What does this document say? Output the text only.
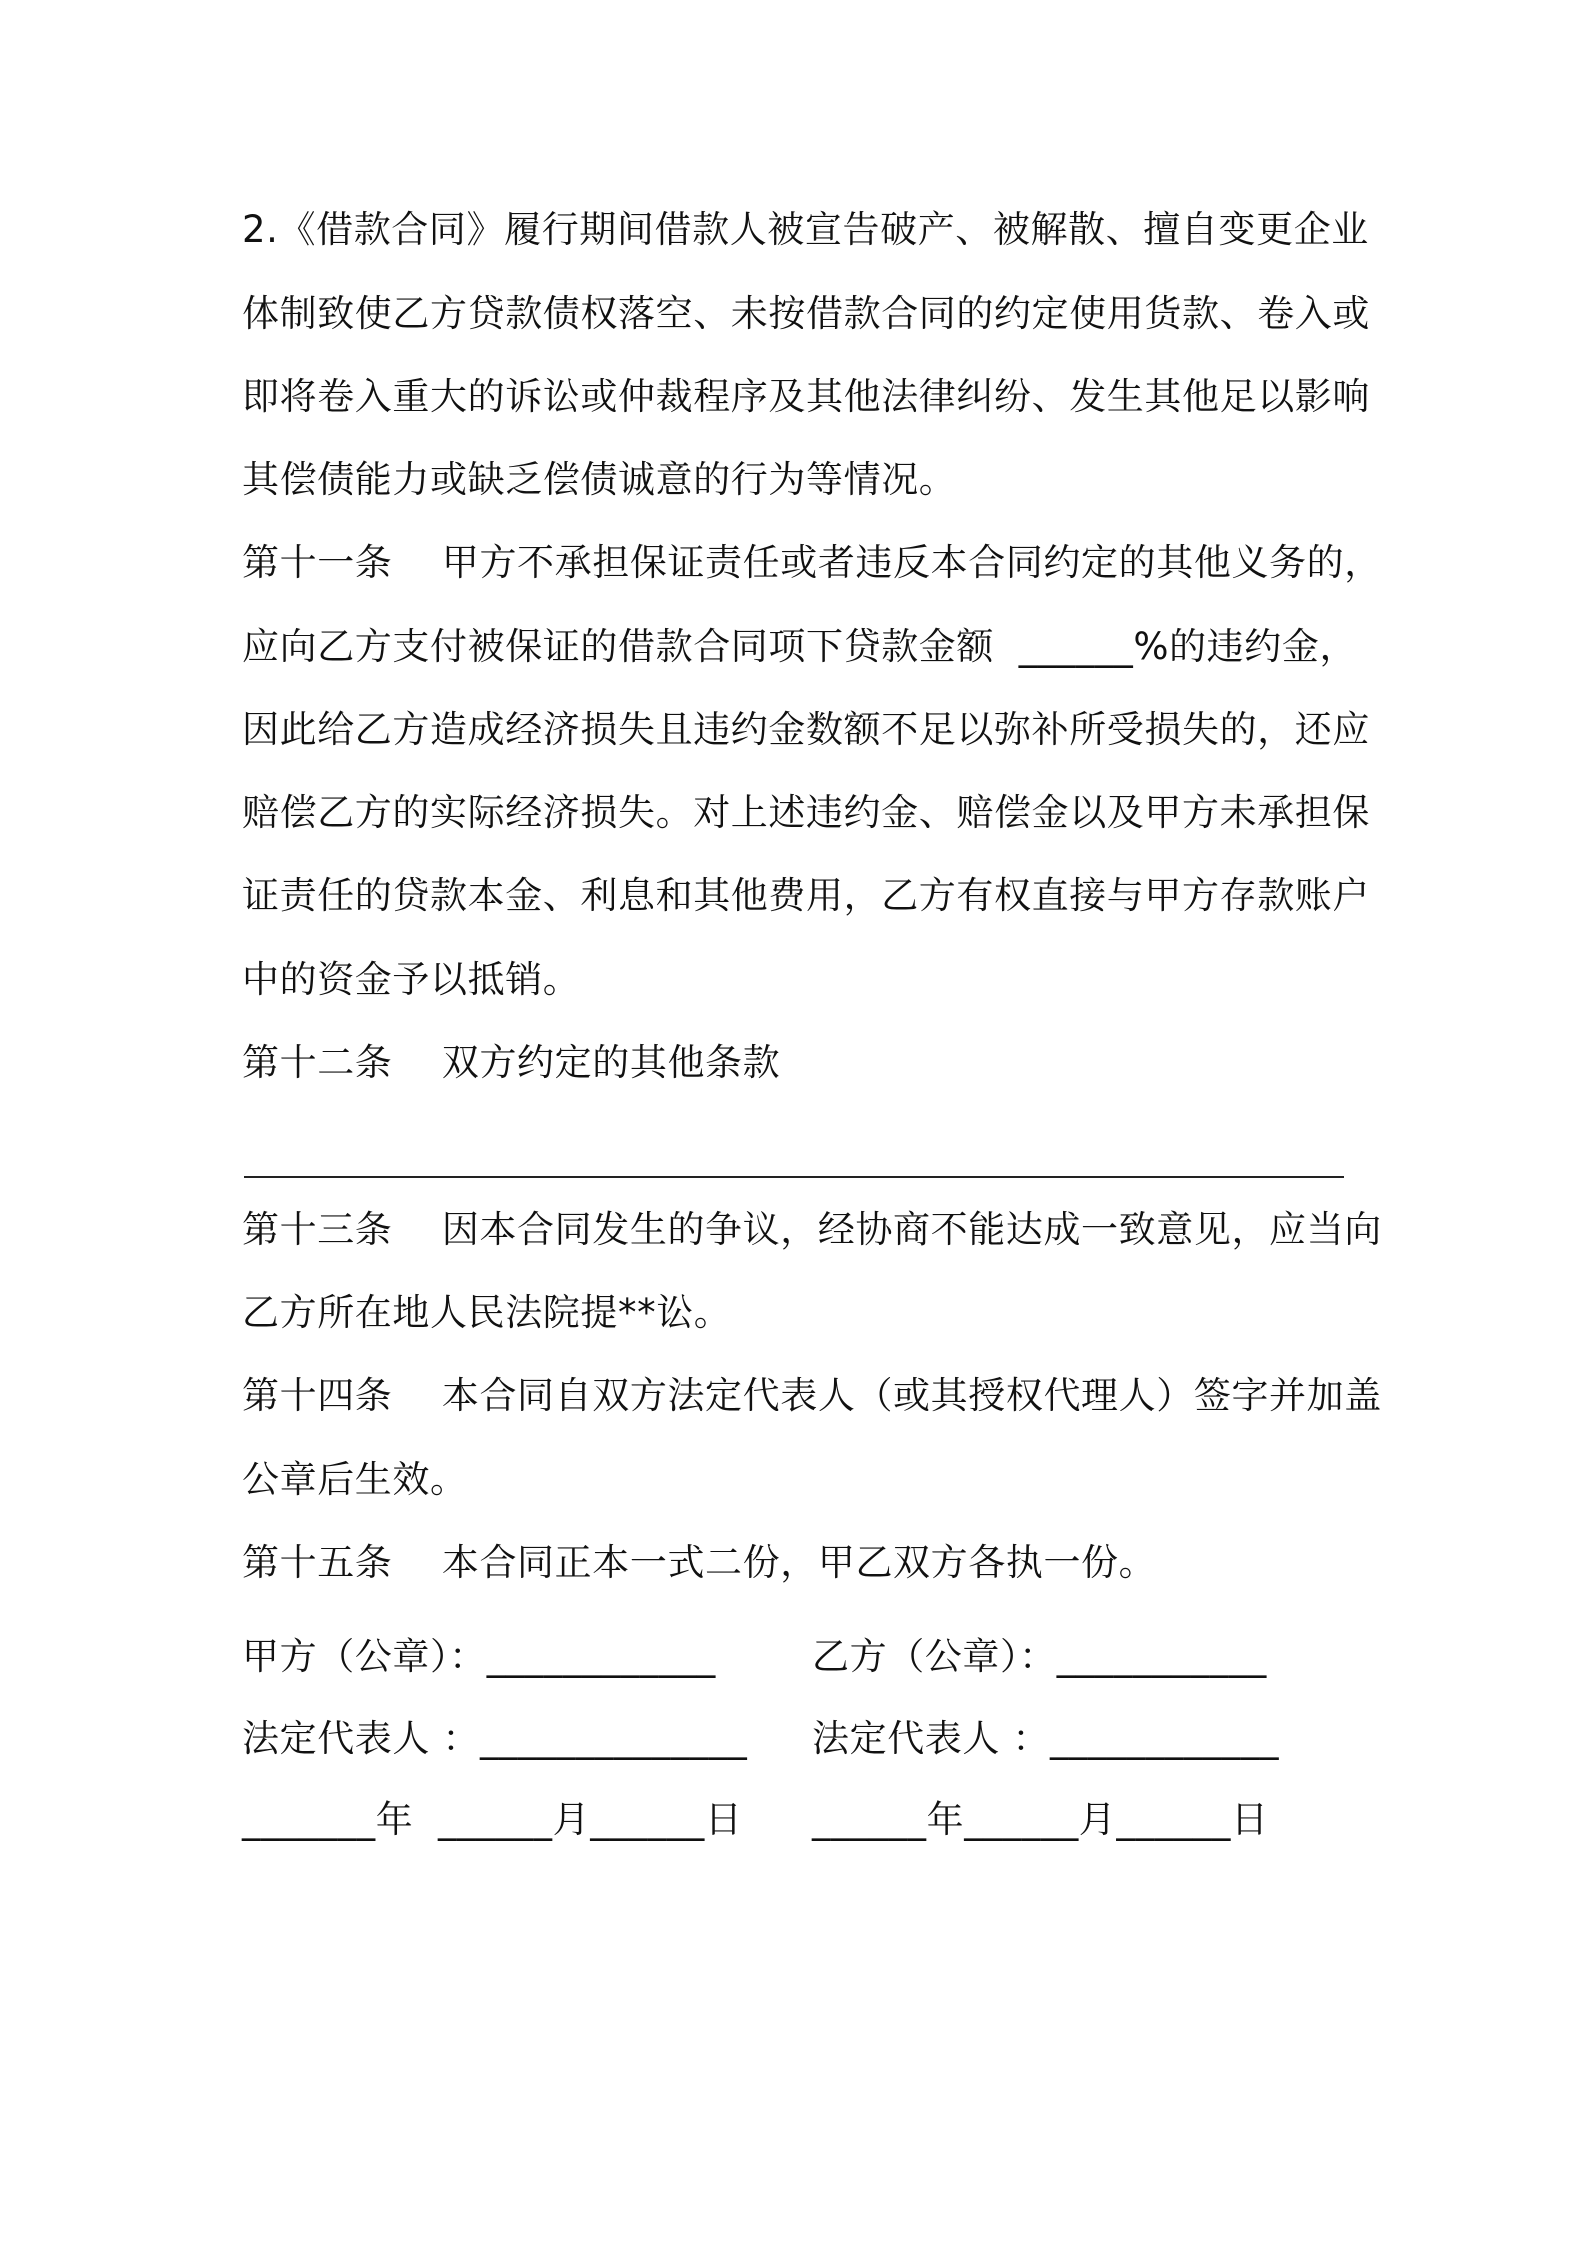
2.《借款合同》履行期间借款人被宣告破产、被解散、擅自变更企业
体制致使乙方贷款债权落空、未按借款合同的约定使用货款、卷入或
即将卷入重大的诉讼或仲裁程序及其他法律纠纷、发生其他足以影响
其偿债能力或缺乏偿债诚意的行为等情况。
第十一条    甲方不承担保证责任或者违反本合同约定的其他义务的，
应向乙方支付被保证的借款合同项下贷款金额  ______%的违约金，
因此给乙方造成经济损失且违约金数额不足以弥补所受损失的，还应
赔偿乙方的实际经济损失。对上述违约金、赔偿金以及甲方未承担保
证责任的贷款本金、利息和其他费用，乙方有权直接与甲方存款账户
中的资金予以抵销。
第十二条    双方约定的其他条款
第十三条    因本合同发生的争议，经协商不能达成一致意见，应当向
乙方所在地人民法院提**讼。
第十四条    本合同自双方法定代表人（或其授权代理人）签字并加盖
公章后生效。
第十五条    本合同正本一式二份，甲乙双方各执一份。
甲方（公章）：____________	乙方（公章）：___________
法定代表人 ：______________ 法定代表人 ：____________
_______年  ______月______日 ______年______月______日
